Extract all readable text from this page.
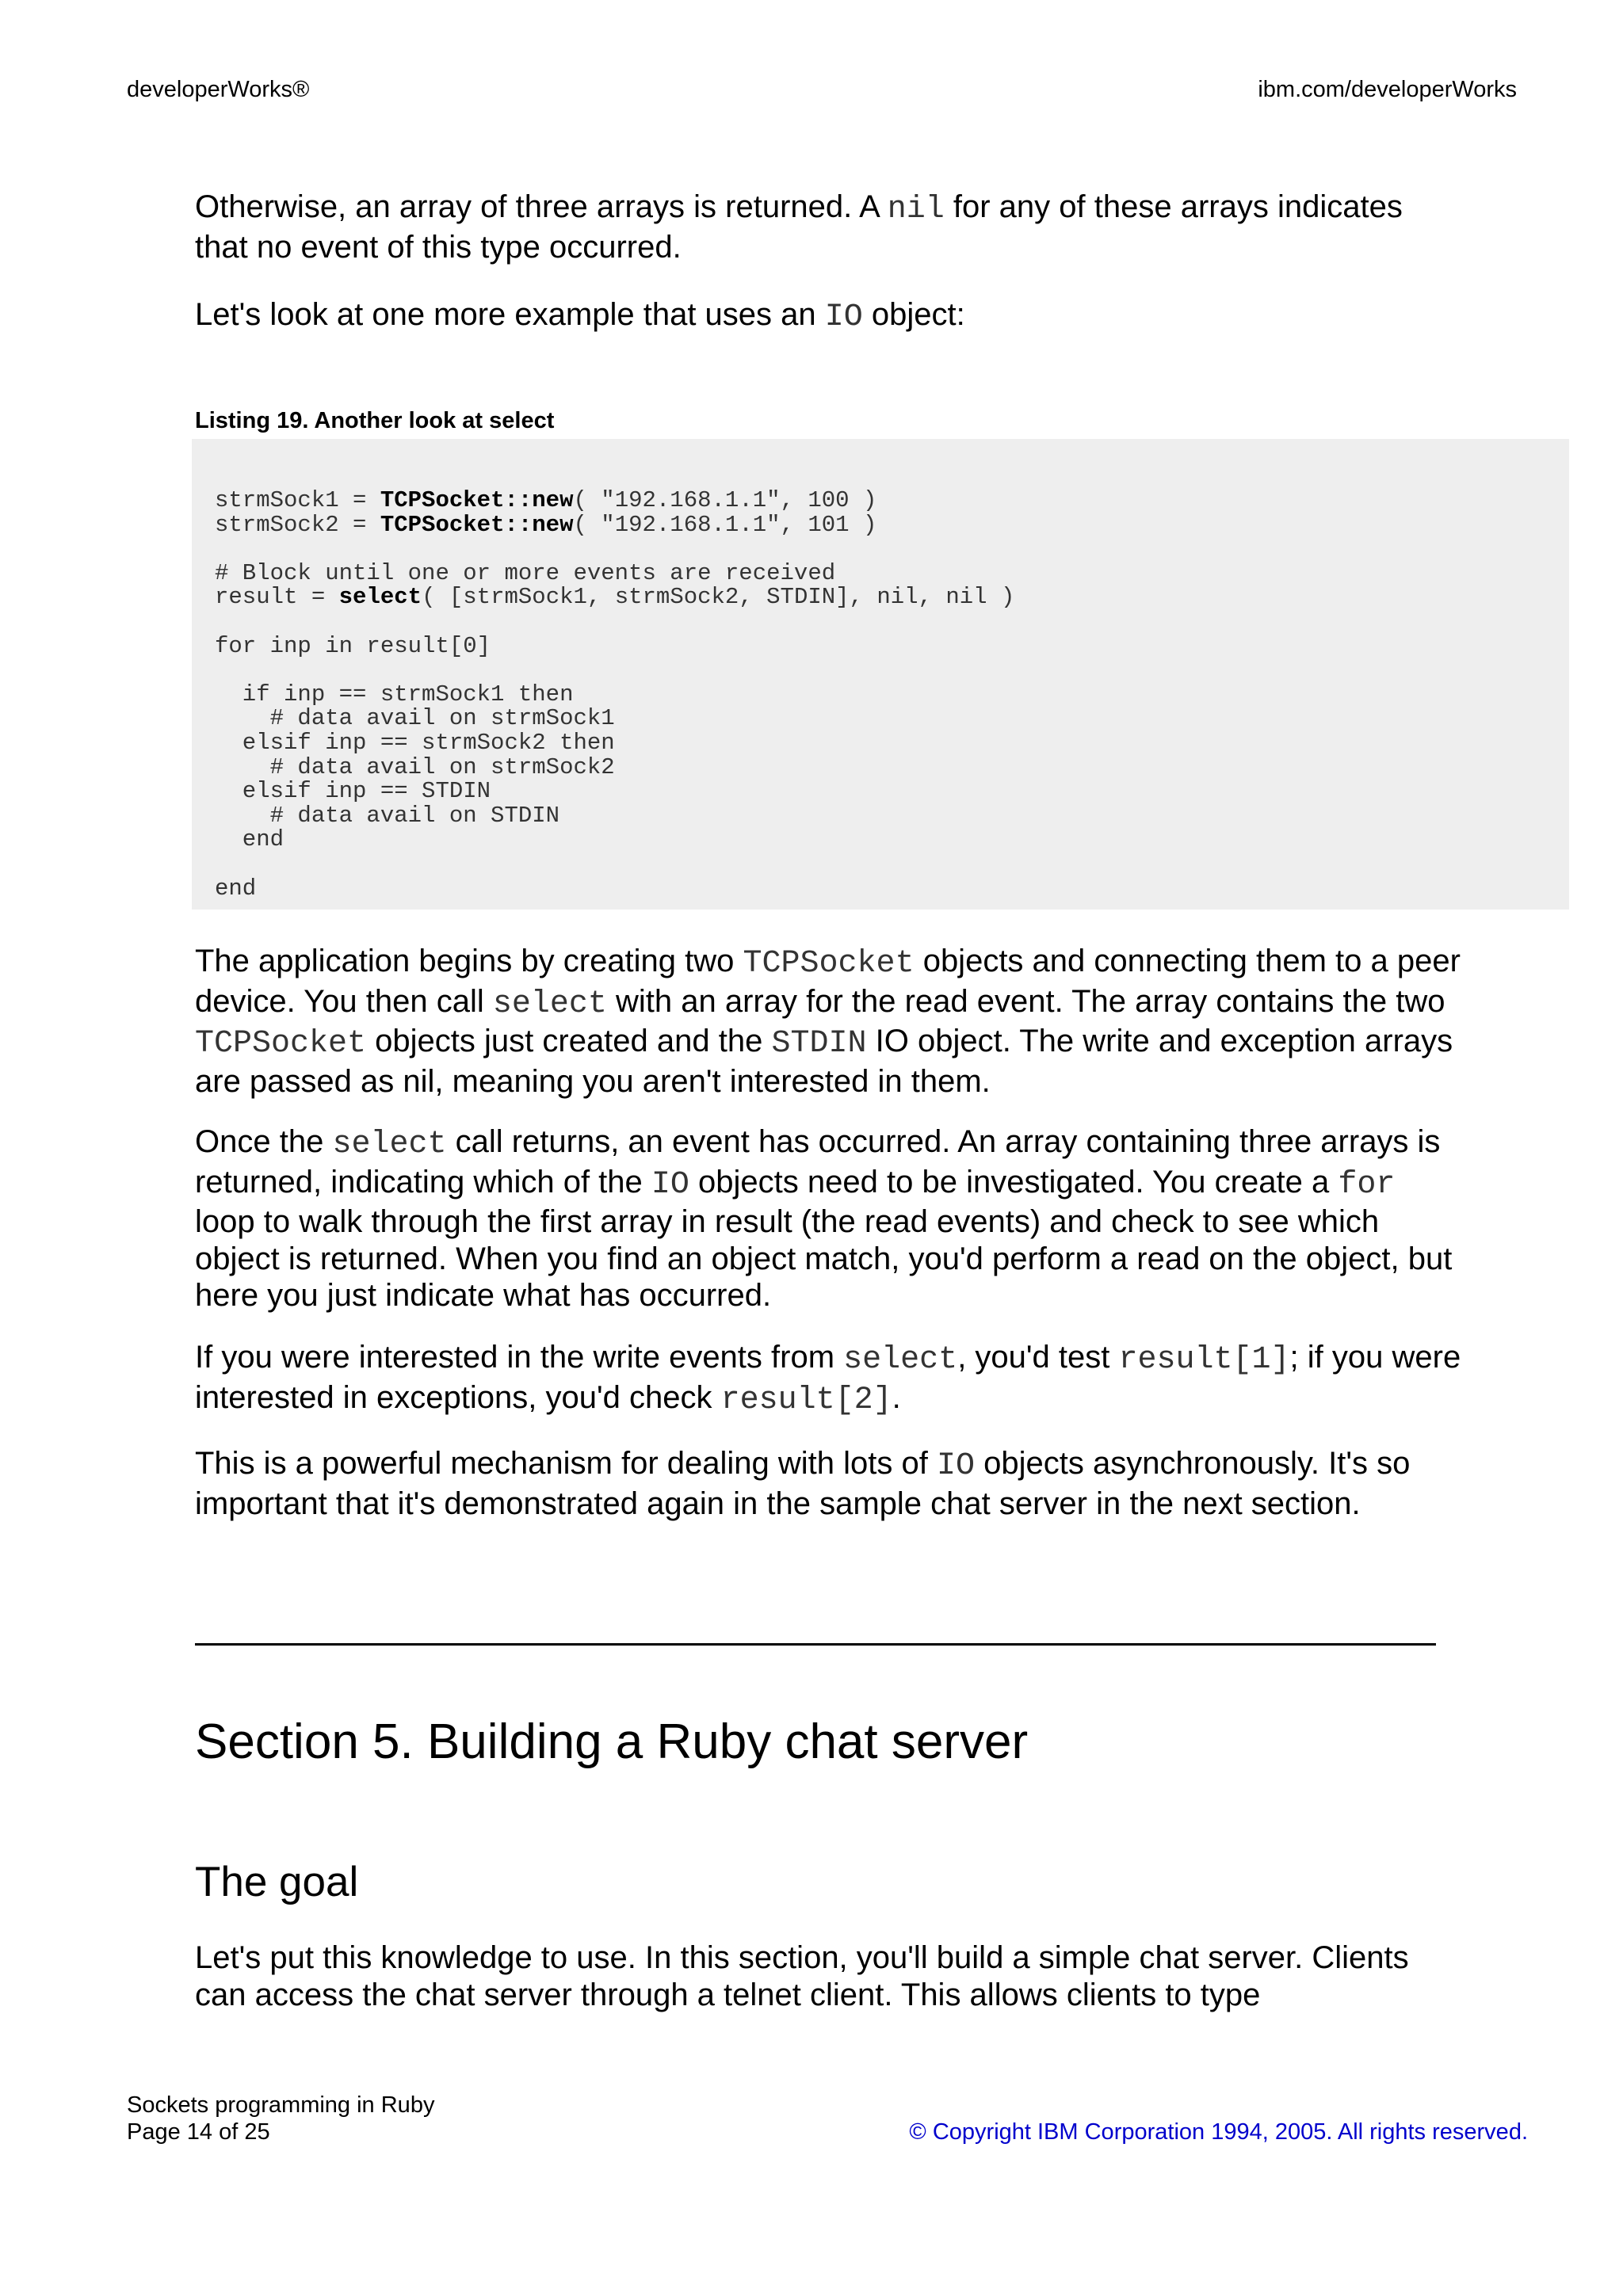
developerWorks®	ibm.com/developerWorks

Otherwise, an array of three arrays is returned. A nil for any of these arrays indicates that no event of this type occurred.

Let's look at one more example that uses an IO object:

Listing 19. Another look at select
strmSock1 = TCPSocket::new( "192.168.1.1", 100 )
strmSock2 = TCPSocket::new( "192.168.1.1", 101 )

# Block until one or more events are received
result = select( [strmSock1, strmSock2, STDIN], nil, nil )

for inp in result[0]

if inp == strmSock1 then
# data avail on strmSock1
elsif inp == strmSock2 then
# data avail on strmSock2
elsif inp == STDIN
# data avail on STDIN
end

end

The application begins by creating two TCPSocket objects and connecting them to a peer device. You then call select with an array for the read event. The array contains the two TCPSocket objects just created and the STDIN IO object. The write and exception arrays are passed as nil, meaning you aren't interested in them.

Once the select call returns, an event has occurred. An array containing three arrays is returned, indicating which of the IO objects need to be investigated. You create a for loop to walk through the first array in result (the read events) and check to see which object is returned. When you find an object match, you'd perform a read on the object, but here you just indicate what has occurred.

If you were interested in the write events from select, you'd test result[1]; if you were interested in exceptions, you'd check result[2].

This is a powerful mechanism for dealing with lots of IO objects asynchronously. It's so important that it's demonstrated again in the sample chat server in the next section.

Section 5. Building a Ruby chat server
The goal

Let's put this knowledge to use. In this section, you'll build a simple chat server. Clients can access the chat server through a telnet client. This allows clients to type

Sockets programming in Ruby
Page 14 of 25	© Copyright IBM Corporation 1994, 2005. All rights reserved.
